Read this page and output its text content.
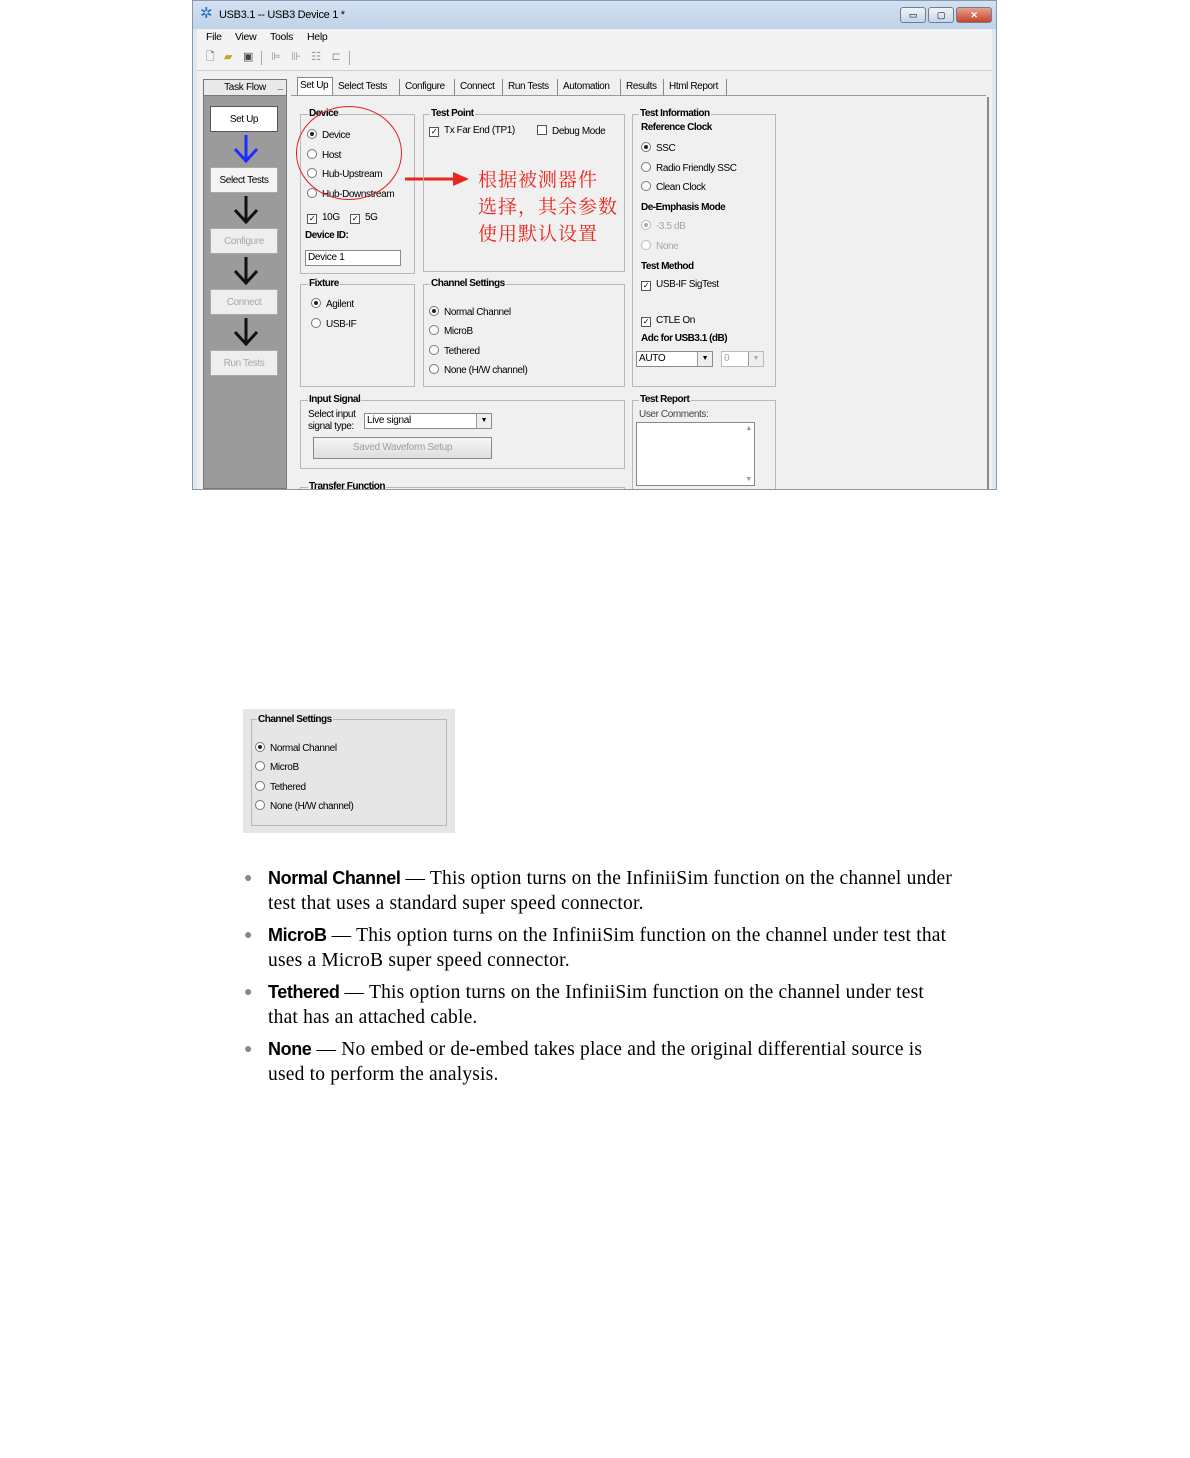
✲ USB3.1 -- USB3 Device 1 *	▭	▢	✕
File View Tools Help
🗋 ▰ ▣ ⊫ ⊪ ☷ ⊏
Task Flow _
Set Up
Select Tests
Configure
Connect
Run Tests
Set Up Select Tests	Configure	Connect	Run Tests	Automation	Results	Html Report
Device
Device
Host
Hub-Upstream
Hub-Downstream
✓ 10G ✓ 5G
Device ID:
Device 1
Test Point
✓ Tx Far End (TP1)	Debug Mode
根据被测器件
选择，其余参数
使用默认设置
Fixture
Agilent
USB-IF
Channel Settings
Normal Channel
MicroB
Tethered
None (H/W channel)
Test Information
Reference Clock
SSC
Radio Friendly SSC
Clean Clock
De-Emphasis Mode
-3.5 dB
None
Test Method
✓ USB-IF SigTest
✓ CTLE On
Adc for USB3.1 (dB)
AUTO	▼	0	▼
Input Signal
Select input
signal type:
Live signal	▼
Saved Waveform Setup
Test Report
User Comments:
▲
▼
Transfer Function
Channel Settings
Normal Channel
MicroB
Tethered
None (H/W channel)
● Normal Channel — This option turns on the InfiniiSim function on the channel under test that uses a standard super speed connector.
● MicroB — This option turns on the InfiniiSim function on the channel under test that uses a MicroB super speed connector.
● Tethered — This option turns on the InfiniiSim function on the channel under test that has an attached cable.
● None — No embed or de-embed takes place and the original differential source is used to perform the analysis.
